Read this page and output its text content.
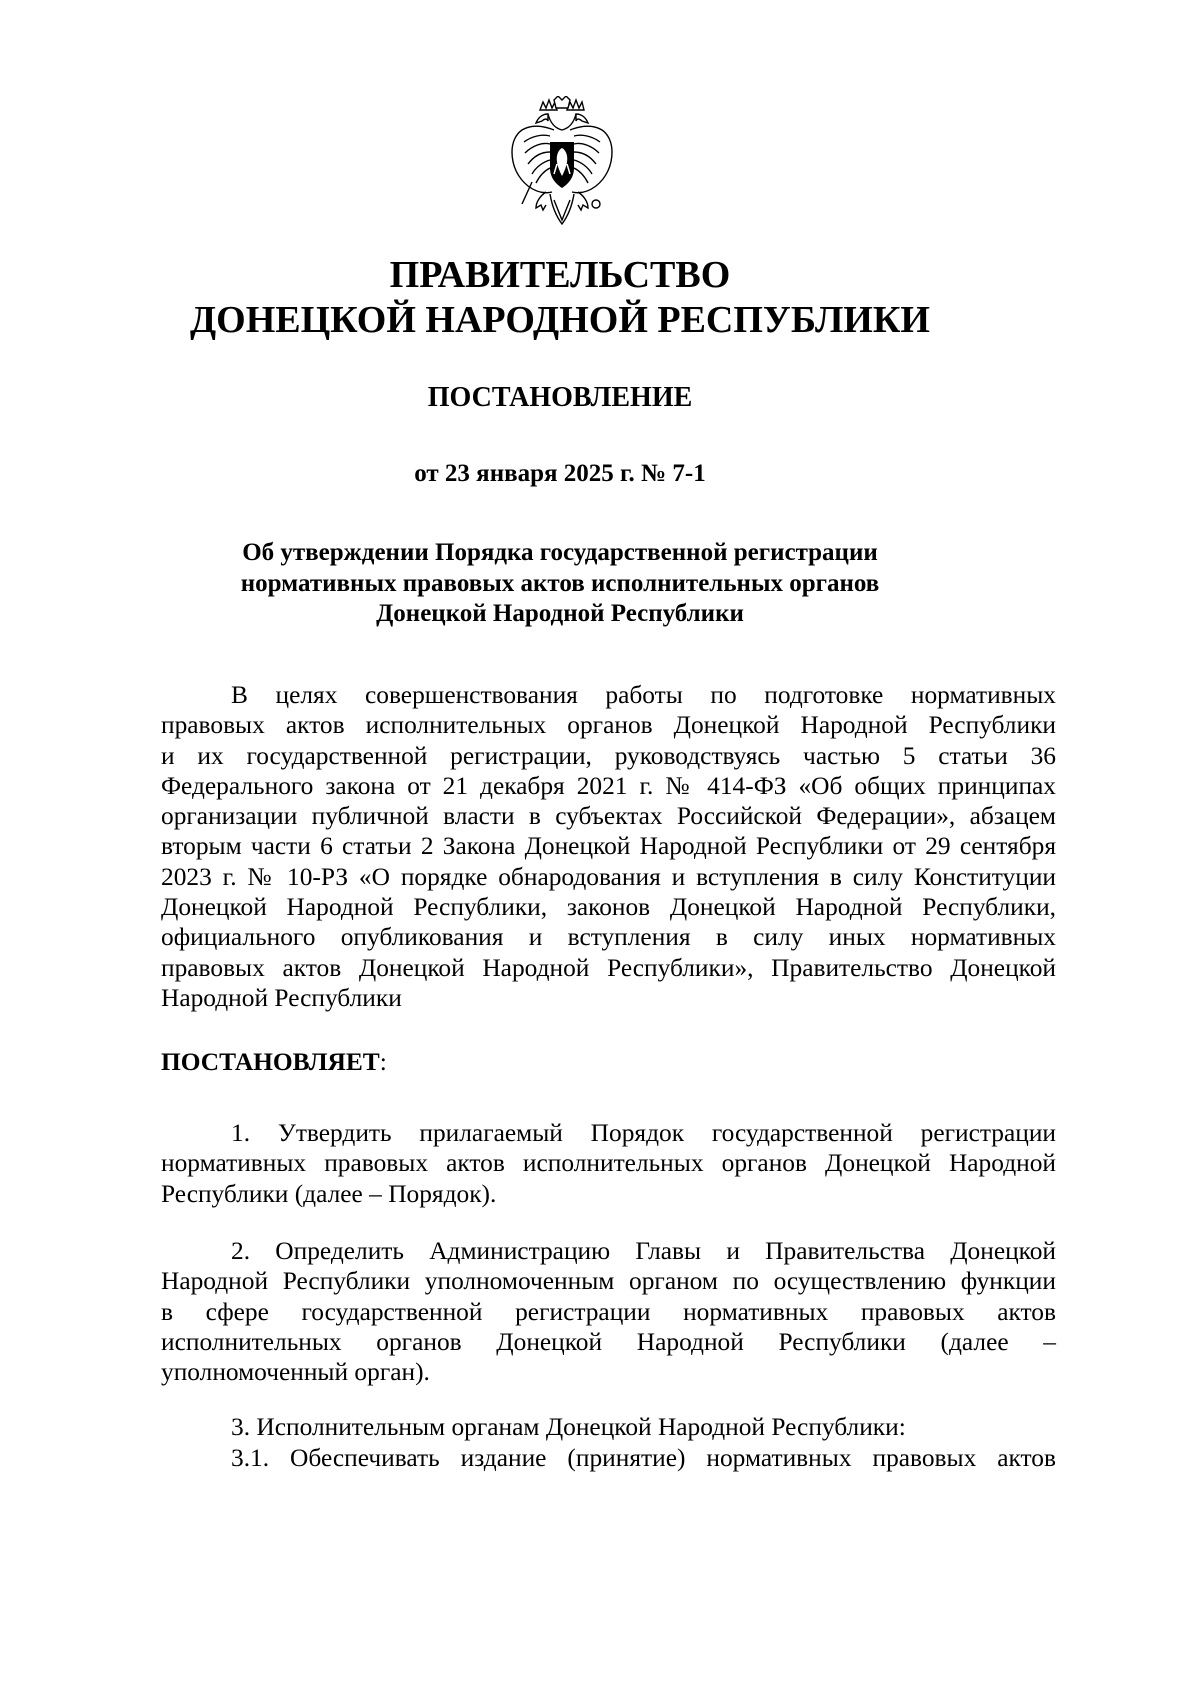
ПРАВИТЕЛЬСТВО
ДОНЕЦКОЙ НАРОДНОЙ РЕСПУБЛИКИ
ПОСТАНОВЛЕНИЕ
от 23 января 2025 г. № 7-1
Об утверждении Порядка государственной регистрации
нормативных правовых актов исполнительных органов
Донецкой Народной Республики
В целях совершенствования работы по подготовке нормативных
правовых актов исполнительных органов Донецкой Народной Республики
и их государственной регистрации, руководствуясь частью 5 статьи 36
Федерального закона от 21 декабря 2021 г. № 414-ФЗ «Об общих принципах
организации публичной власти в субъектах Российской Федерации», абзацем
вторым части 6 статьи 2 Закона Донецкой Народной Республики от 29 сентября
2023 г. № 10-РЗ «О порядке обнародования и вступления в силу Конституции
Донецкой Народной Республики, законов Донецкой Народной Республики,
официального опубликования и вступления в силу иных нормативных
правовых актов Донецкой Народной Республики», Правительство Донецкой
Народной Республики
ПОСТАНОВЛЯЕТ:
1. Утвердить прилагаемый Порядок государственной регистрации
нормативных правовых актов исполнительных органов Донецкой Народной
Республики (далее – Порядок).
2. Определить Администрацию Главы и Правительства Донецкой
Народной Республики уполномоченным органом по осуществлению функции
в сфере государственной регистрации нормативных правовых актов
исполнительных органов Донецкой Народной Республики (далее –
уполномоченный орган).
3. Исполнительным органам Донецкой Народной Республики:
3.1. Обеспечивать издание (принятие) нормативных правовых актов
